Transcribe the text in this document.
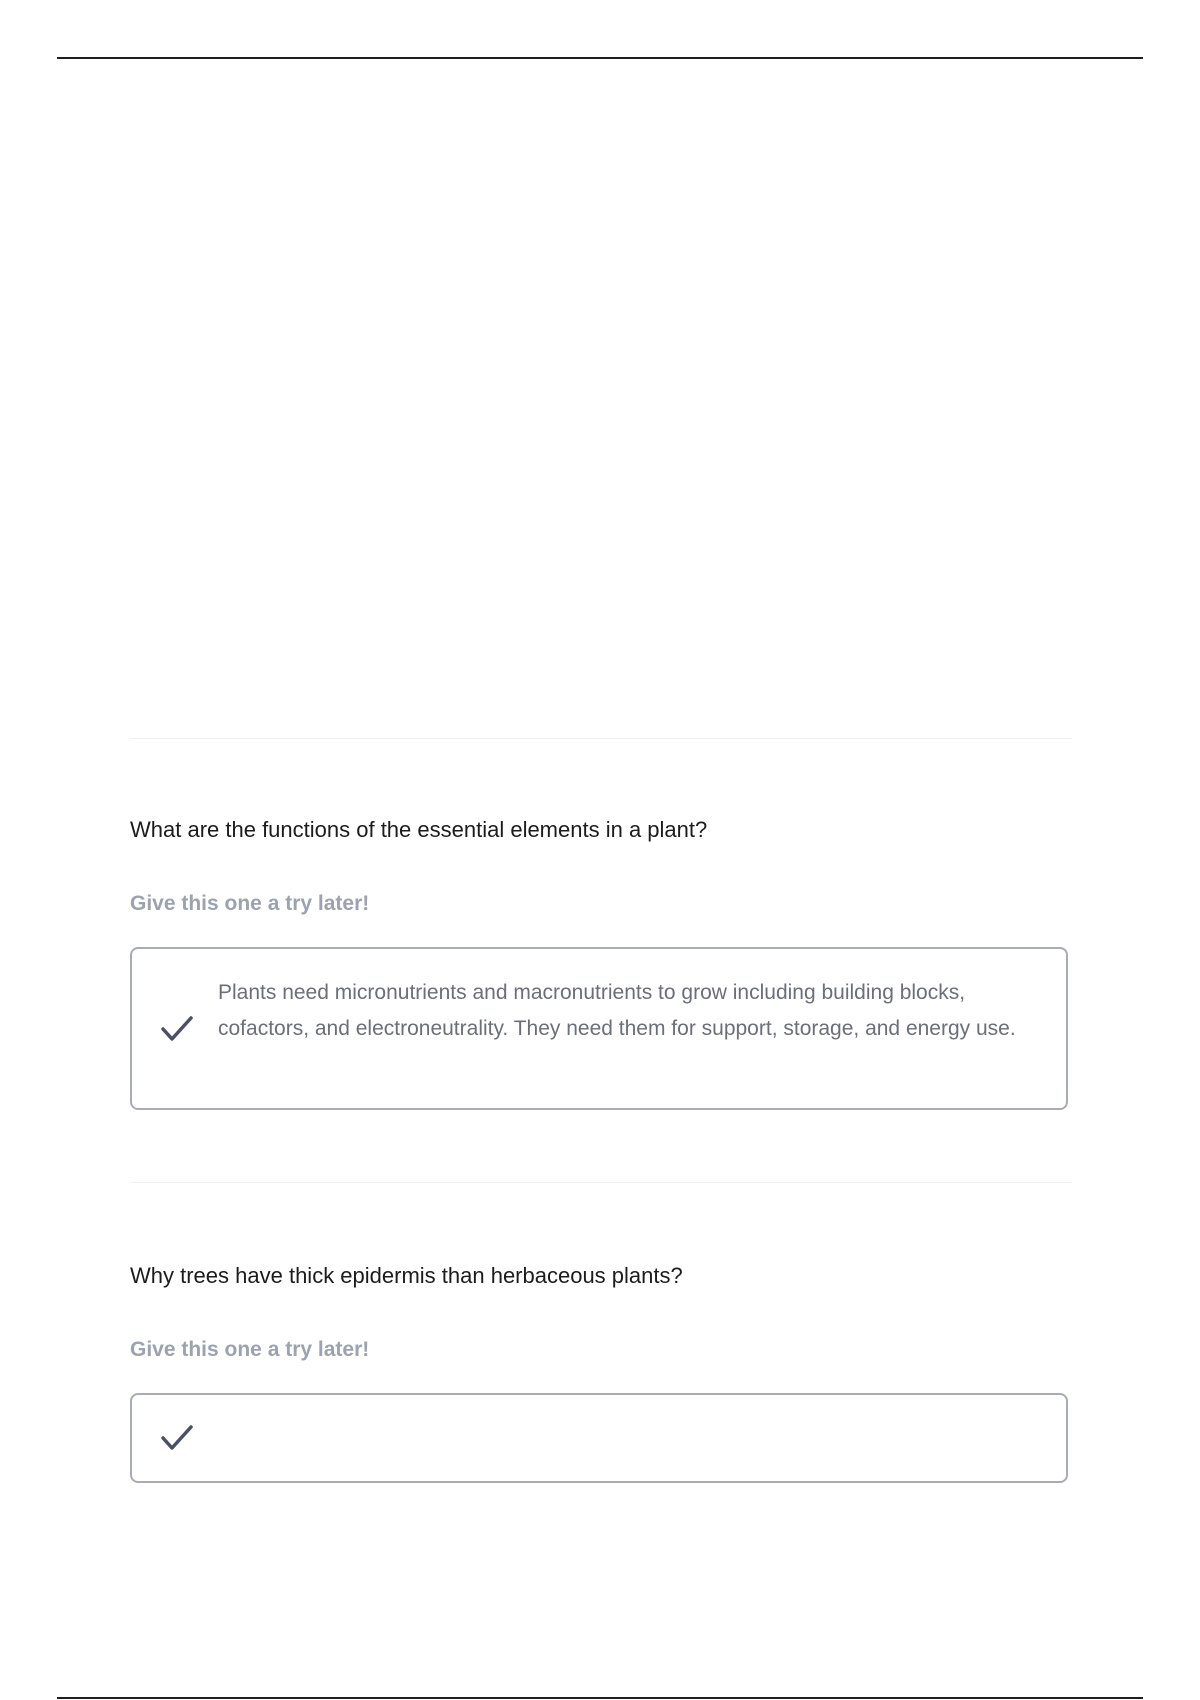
What are the functions of the essential elements in a plant?
Give this one a try later!

Plants need micronutrients and macronutrients to grow including building blocks, cofactors, and electroneutrality. They need them for support, storage, and energy use.

Why trees have thick epidermis than herbaceous plants?
Give this one a try later!
